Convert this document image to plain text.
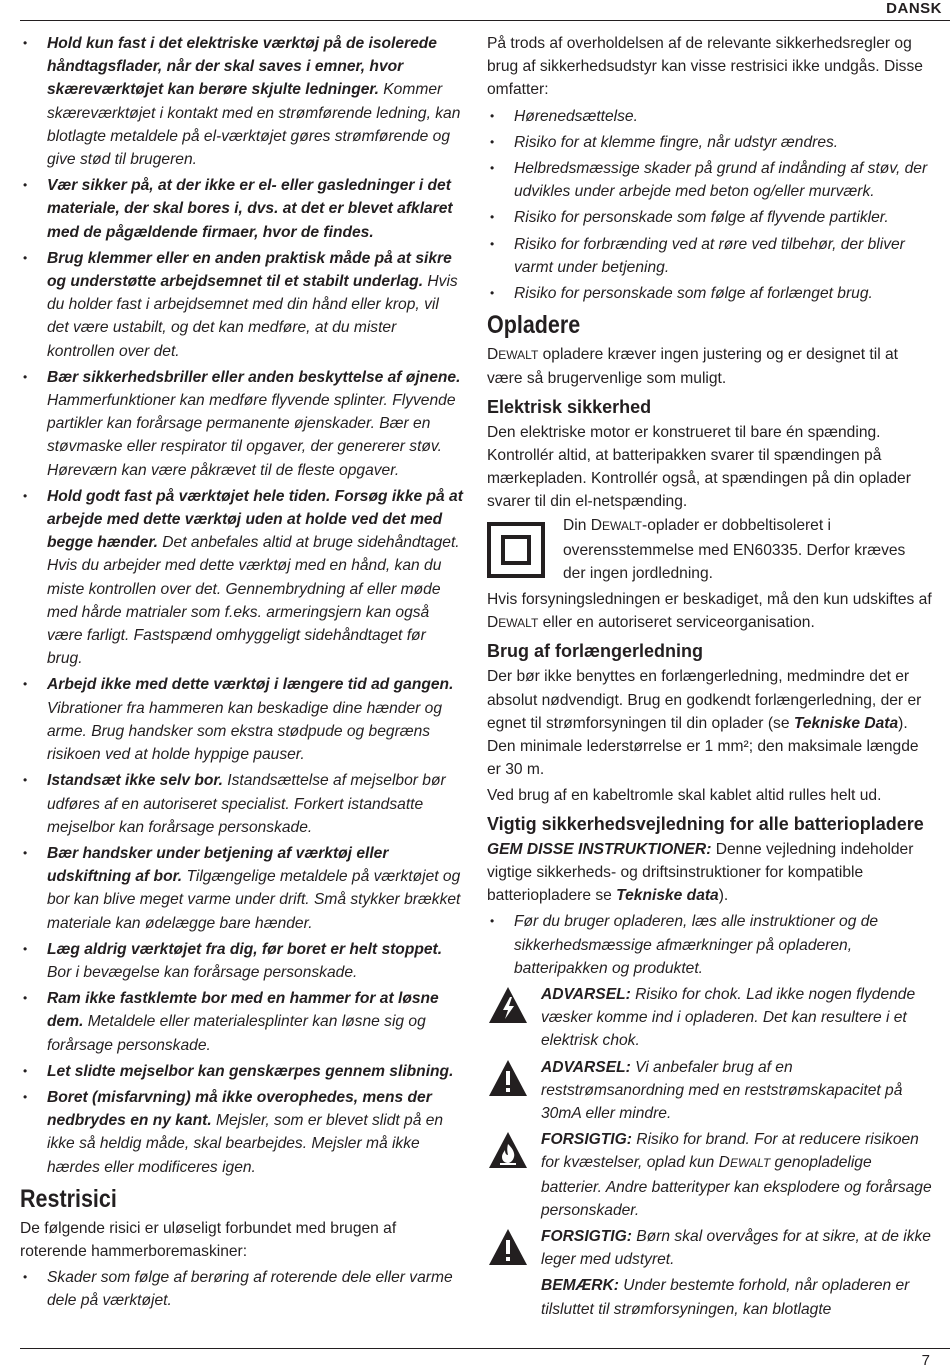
DANSK
• Hold kun fast i det elektriske værktøj på de isolerede håndtagsflader, når der skal saves i emner, hvor skæreværktøjet kan berøre skjulte ledninger. Kommer skæreværktøjet i kontakt med en strømførende ledning, kan blotlagte metaldele på el-værktøjet gøres strømførende og give stød til brugeren.
• Vær sikker på, at der ikke er el- eller gasledninger i det materiale, der skal bores i, dvs. at det er blevet afklaret med de pågældende firmaer, hvor de findes.
• Brug klemmer eller en anden praktisk måde på at sikre og understøtte arbejdsemnet til et stabilt underlag. Hvis du holder fast i arbejdsemnet med din hånd eller krop, vil det være ustabilt, og det kan medføre, at du mister kontrollen over det.
• Bær sikkerhedsbriller eller anden beskyttelse af øjnene. Hammerfunktioner kan medføre flyvende splinter. Flyvende partikler kan forårsage permanente øjenskader. Bær en støvmaske eller respirator til opgaver, der genererer støv. Høreværn kan være påkrævet til de fleste opgaver.
• Hold godt fast på værktøjet hele tiden. Forsøg ikke på at arbejde med dette værktøj uden at holde ved det med begge hænder. Det anbefales altid at bruge sidehåndtaget. Hvis du arbejder med dette værktøj med en hånd, kan du miste kontrollen over det. Gennembrydning af eller møde med hårde matrialer som f.eks. armeringsjern kan også være farligt. Fastspænd omhyggeligt sidehåndtaget før brug.
• Arbejd ikke med dette værktøj i længere tid ad gangen. Vibrationer fra hammeren kan beskadige dine hænder og arme. Brug handsker som ekstra stødpude og begræns risikoen ved at holde hyppige pauser.
• Istandsæt ikke selv bor. Istandsættelse af mejselbor bør udføres af en autoriseret specialist. Forkert istandsatte mejselbor kan forårsage personskade.
• Bær handsker under betjening af værktøj eller udskiftning af bor. Tilgængelige metaldele på værktøjet og bor kan blive meget varme under drift. Små stykker brækket materiale kan ødelægge bare hænder.
• Læg aldrig værktøjet fra dig, før boret er helt stoppet. Bor i bevægelse kan forårsage personskade.
• Ram ikke fastklemte bor med en hammer for at løsne dem. Metaldele eller materialesplinter kan løsne sig og forårsage personskade.
• Let slidte mejselbor kan genskærpes gennem slibning.
• Boret (misfarvning) må ikke overophedes, mens der nedbrydes en ny kant. Mejsler, som er blevet slidt på en ikke så heldig måde, skal bearbejdes. Mejsler må ikke hærdes eller modificeres igen.
Restrisici

De følgende risici er uløseligt forbundet med brugen af roterende hammerboremaskiner:

• Skader som følge af berøring af roterende dele eller varme dele på værktøjet.

På trods af overholdelsen af de relevante sikkerhedsregler og brug af sikkerhedsudstyr kan visse restrisici ikke undgås. Disse omfatter:

• Hørenedsættelse.
• Risiko for at klemme fingre, når udstyr ændres.
• Helbredsmæssige skader på grund af indånding af støv, der udvikles under arbejde med beton og/eller murværk.
• Risiko for personskade som følge af flyvende partikler.
• Risiko for forbrænding ved at røre ved tilbehør, der bliver varmt under betjening.
• Risiko for personskade som følge af forlænget brug.
Opladere

DEWALT opladere kræver ingen justering og er designet til at være så brugervenlige som muligt.

Elektrisk sikkerhed

Den elektriske motor er konstrueret til bare én spænding. Kontrollér altid, at batteripakken svarer til spændingen på mærkepladen. Kontrollér også, at spændingen på din oplader svarer til din el-netspænding.

Din DEWALT-oplader er dobbeltisoleret i overensstemmelse med EN60335. Derfor kræves der ingen jordledning.

Hvis forsyningsledningen er beskadiget, må den kun udskiftes af DEWALT eller en autoriseret serviceorganisation.

Brug af forlængerledning

Der bør ikke benyttes en forlængerledning, medmindre det er absolut nødvendigt. Brug en godkendt forlængerledning, der er egnet til strømforsyningen til din oplader (se Tekniske Data). Den minimale lederstørrelse er 1 mm²; den maksimale længde er 30 m.

Ved brug af en kabeltromle skal kablet altid rulles helt ud.

Vigtig sikkerhedsvejledning for alle batteriopladere

GEM DISSE INSTRUKTIONER: Denne vejledning indeholder vigtige sikkerheds- og driftsinstruktioner for kompatible batteriopladere se Tekniske data).

• Før du bruger opladeren, læs alle instruktioner og de sikkerhedsmæssige afmærkninger på opladeren, batteripakken og produktet.
ADVARSEL: Risiko for chok. Lad ikke nogen flydende væsker komme ind i opladeren. Det kan resultere i et elektrisk chok.
ADVARSEL: Vi anbefaler brug af en reststrømsanordning med en reststrømskapacitet på 30mA eller mindre.
FORSIGTIG: Risiko for brand. For at reducere risikoen for kvæstelser, oplad kun DEWALT genopladelige batterier. Andre batterityper kan eksplodere og forårsage personskader.
FORSIGTIG: Børn skal overvåges for at sikre, at de ikke leger med udstyret.
BEMÆRK: Under bestemte forhold, når opladeren er tilsluttet til strømforsyningen, kan blotlagte
7
